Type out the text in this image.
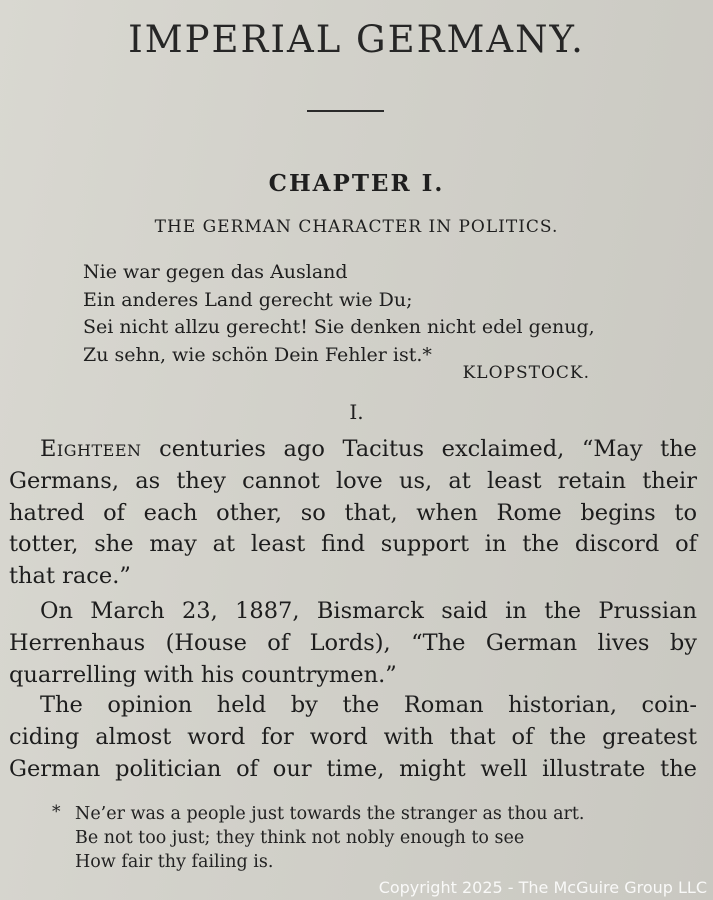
IMPERIAL GERMANY.
CHAPTER I.
THE GERMAN CHARACTER IN POLITICS.
Nie war gegen das Ausland
Ein anderes Land gerecht wie Du;
Sei nicht allzu gerecht! Sie denken nicht edel genug,
Zu sehn, wie schön Dein Fehler ist.*
KLOPSTOCK.
I.
Eighteen centuries ago Tacitus exclaimed, “May the
Germans, as they cannot love us, at least retain their
hatred of each other, so that, when Rome begins to
totter, she may at least find support in the discord of
that race.”
On March 23, 1887, Bismarck said in the Prussian
Herrenhaus (House of Lords), “The German lives by
quarrelling with his countrymen.”
The opinion held by the Roman historian, coin-
ciding almost word for word with that of the greatest
German politician of our time, might well illustrate the
* Ne’er was a people just towards the stranger as thou art.
Be not too just; they think not nobly enough to see
How fair thy failing is.
Copyright 2025 - The McGuire Group LLC
